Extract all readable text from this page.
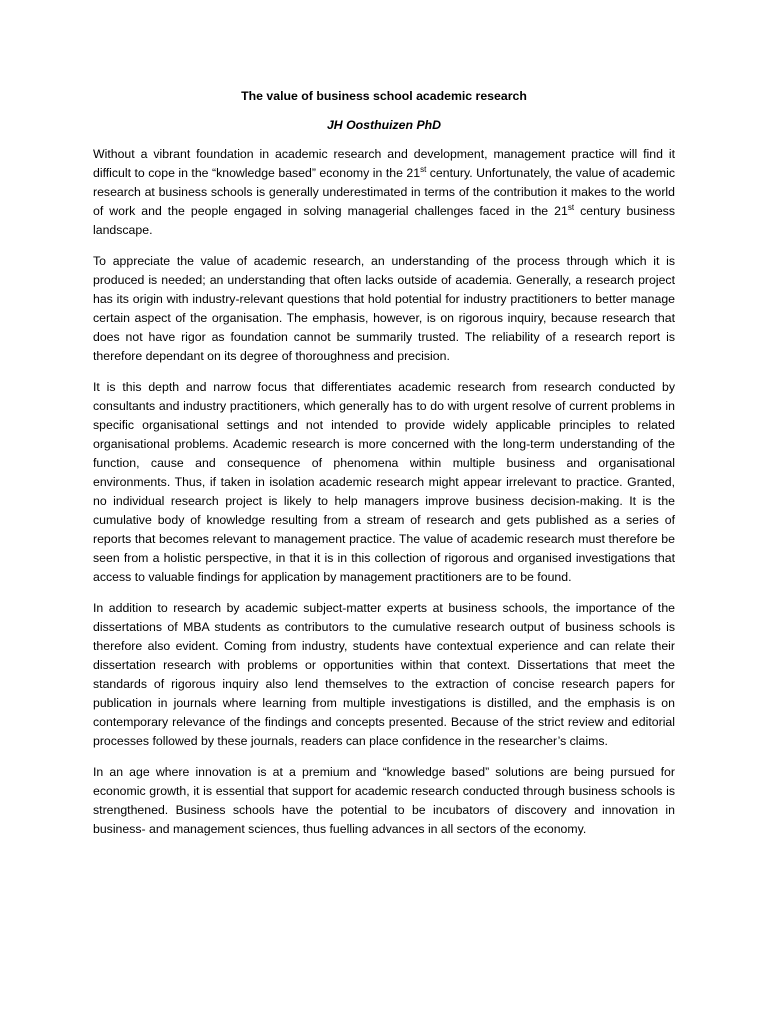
The value of business school academic research
JH Oosthuizen PhD

Without a vibrant foundation in academic research and development, management practice will find it difficult to cope in the “knowledge based” economy in the 21st century. Unfortunately, the value of academic research at business schools is generally underestimated in terms of the contribution it makes to the world of work and the people engaged in solving managerial challenges faced in the 21st century business landscape.

To appreciate the value of academic research, an understanding of the process through which it is produced is needed; an understanding that often lacks outside of academia. Generally, a research project has its origin with industry-relevant questions that hold potential for industry practitioners to better manage certain aspect of the organisation. The emphasis, however, is on rigorous inquiry, because research that does not have rigor as foundation cannot be summarily trusted. The reliability of a research report is therefore dependant on its degree of thoroughness and precision.

It is this depth and narrow focus that differentiates academic research from research conducted by consultants and industry practitioners, which generally has to do with urgent resolve of current problems in specific organisational settings and not intended to provide widely applicable principles to related organisational problems. Academic research is more concerned with the long-term understanding of the function, cause and consequence of phenomena within multiple business and organisational environments. Thus, if taken in isolation academic research might appear irrelevant to practice. Granted, no individual research project is likely to help managers improve business decision-making. It is the cumulative body of knowledge resulting from a stream of research and gets published as a series of reports that becomes relevant to management practice. The value of academic research must therefore be seen from a holistic perspective, in that it is in this collection of rigorous and organised investigations that access to valuable findings for application by management practitioners are to be found.

In addition to research by academic subject-matter experts at business schools, the importance of the dissertations of MBA students as contributors to the cumulative research output of business schools is therefore also evident. Coming from industry, students have contextual experience and can relate their dissertation research with problems or opportunities within that context. Dissertations that meet the standards of rigorous inquiry also lend themselves to the extraction of concise research papers for publication in journals where learning from multiple investigations is distilled, and the emphasis is on contemporary relevance of the findings and concepts presented. Because of the strict review and editorial processes followed by these journals, readers can place confidence in the researcher’s claims.

In an age where innovation is at a premium and “knowledge based” solutions are being pursued for economic growth, it is essential that support for academic research conducted through business schools is strengthened. Business schools have the potential to be incubators of discovery and innovation in business- and management sciences, thus fuelling advances in all sectors of the economy.
